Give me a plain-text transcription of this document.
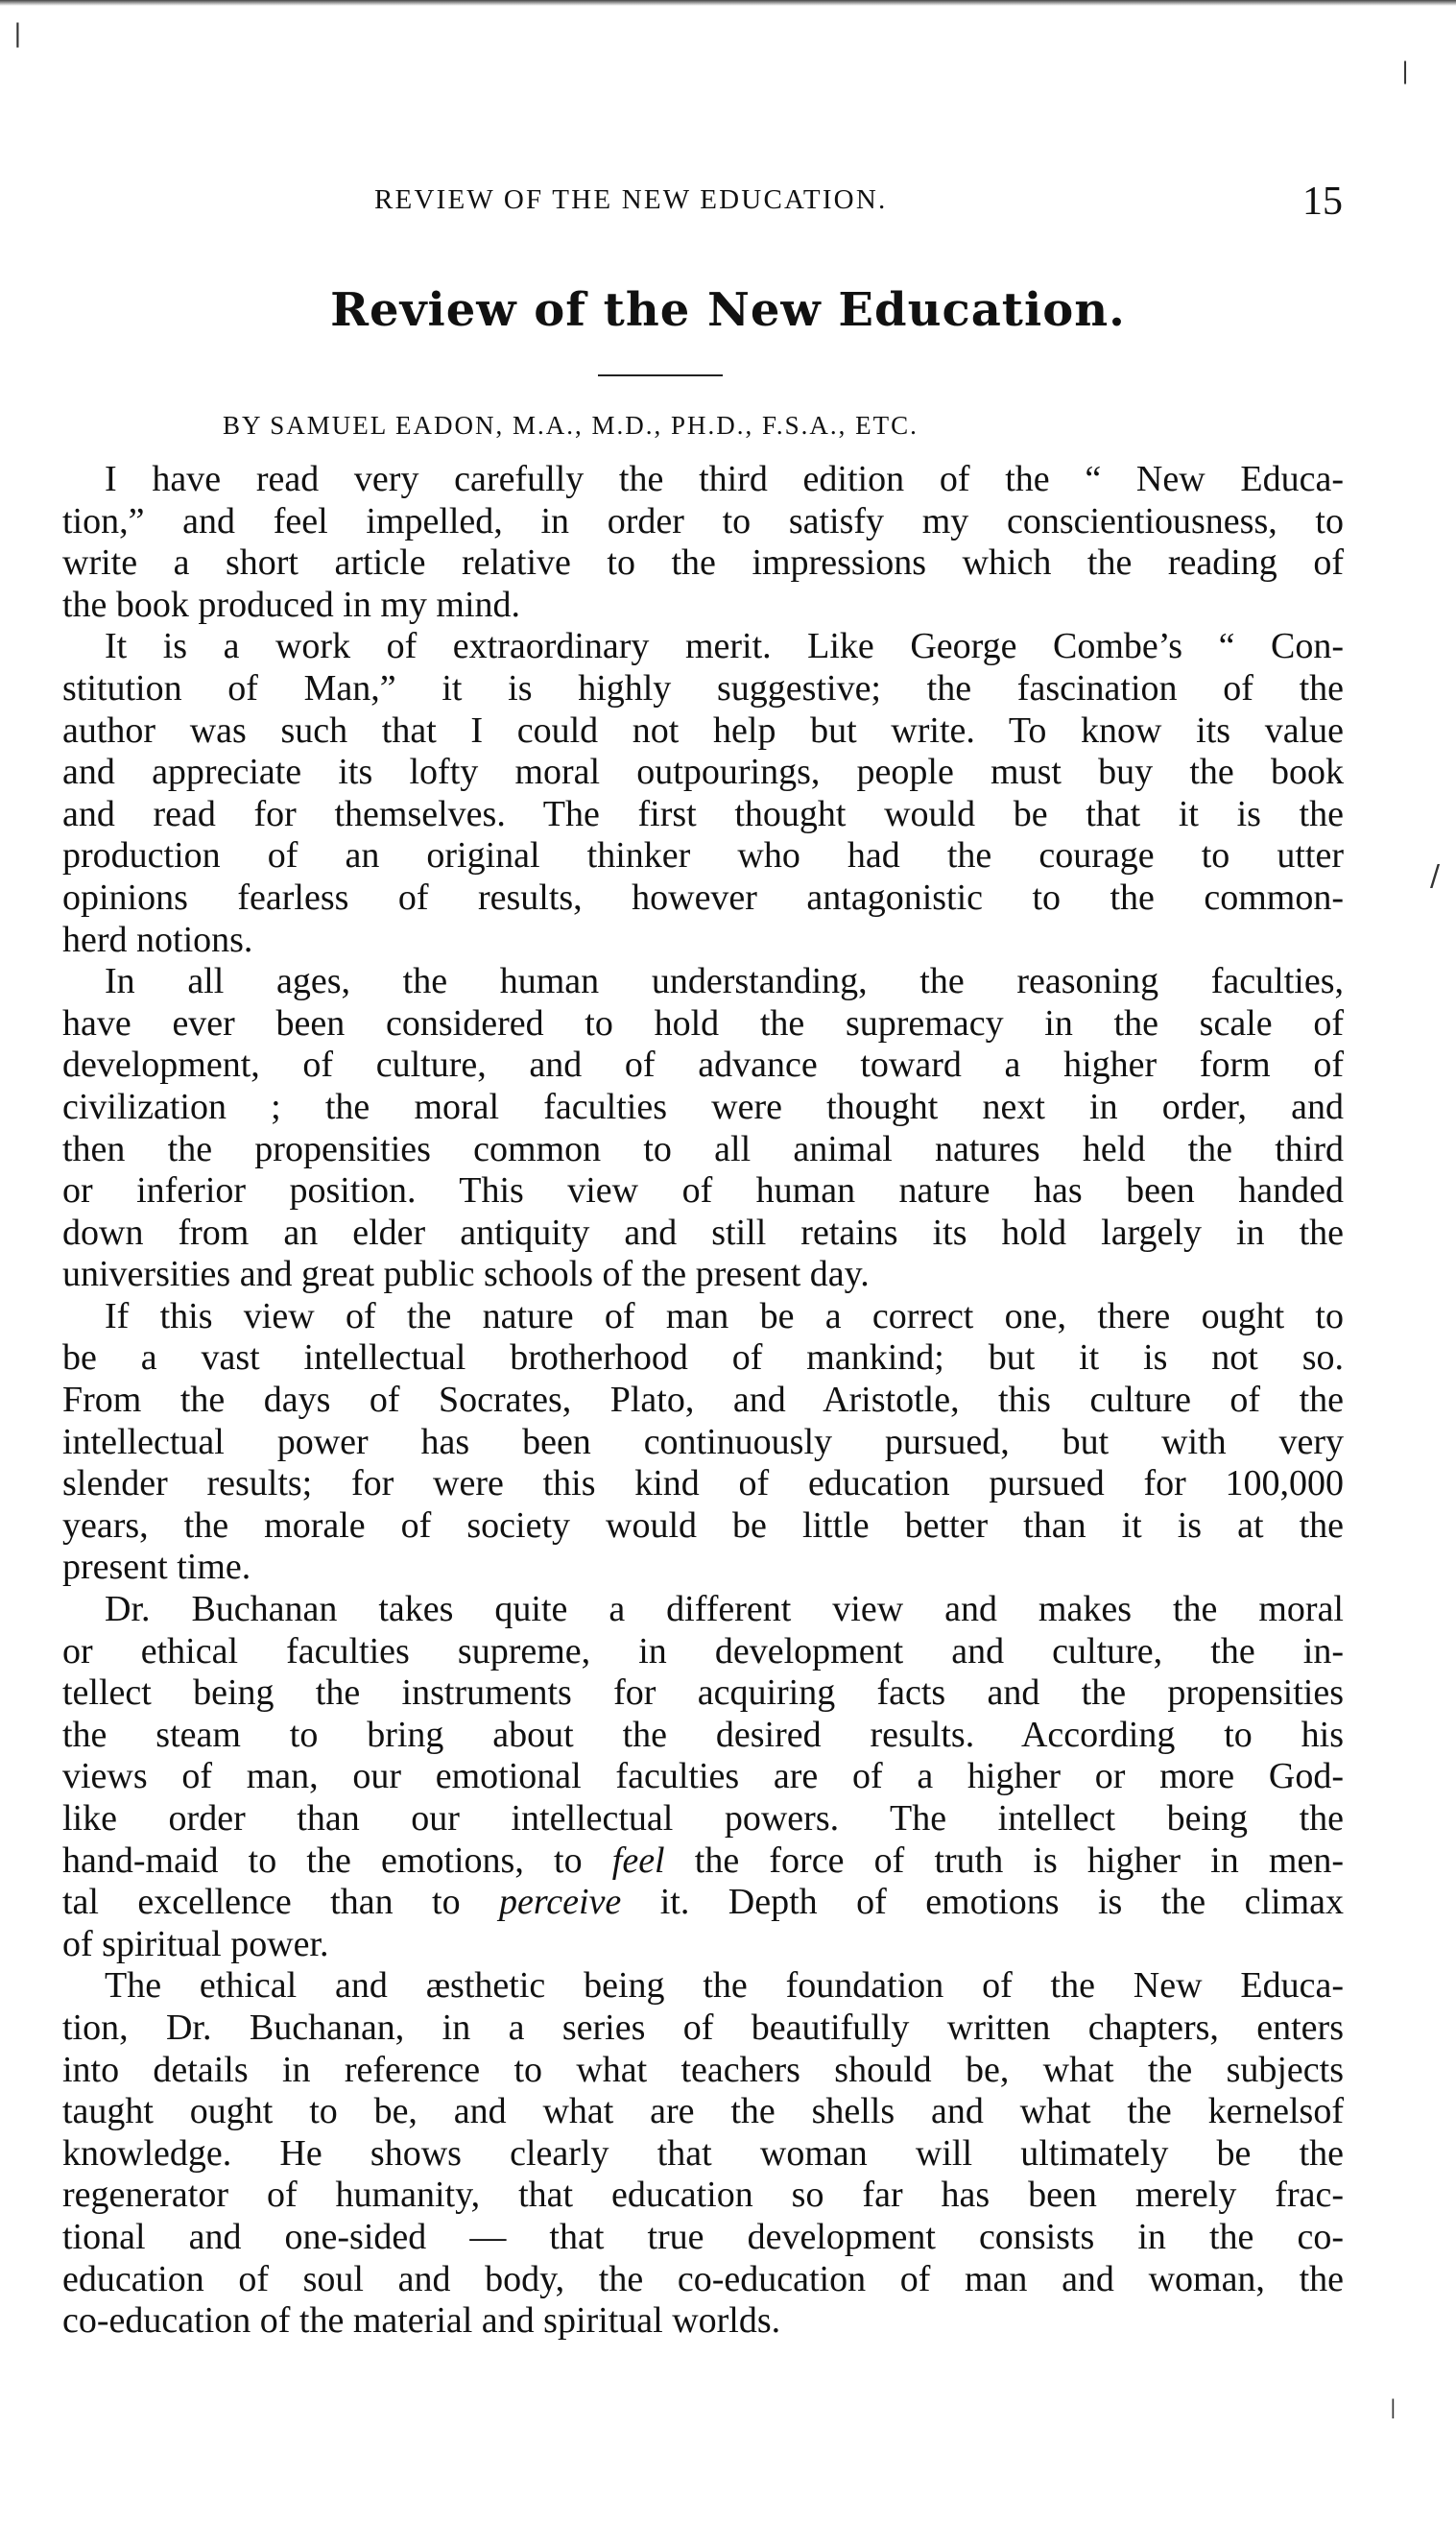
REVIEW OF THE NEW EDUCATION.	15
Review of the New Education.
BY SAMUEL EADON, M.A., M.D., PH.D., F.S.A., ETC.

I have read very carefully the third edition of the “ New Educa-
tion,” and feel impelled, in order to satisfy my conscientiousness, to
write a short article relative to the impressions which the reading of
the book produced in my mind.

It is a work of extraordinary merit. Like George Combe’s “ Con-
stitution of Man,” it is highly suggestive; the fascination of the
author was such that I could not help but write. To know its value
and appreciate its lofty moral outpourings, people must buy the book
and read for themselves. The first thought would be that it is the
production of an original thinker who had the courage to utter
opinions fearless of results, however antagonistic to the common-
herd notions.

In all ages, the human understanding, the reasoning faculties,
have ever been considered to hold the supremacy in the scale of
development, of culture, and of advance toward a higher form of
civilization ; the moral faculties were thought next in order, and
then the propensities common to all animal natures held the third
or inferior position. This view of human nature has been handed
down from an elder antiquity and still retains its hold largely in the
universities and great public schools of the present day.

If this view of the nature of man be a correct one, there ought to
be a vast intellectual brotherhood of mankind; but it is not so.
From the days of Socrates, Plato, and Aristotle, this culture of the
intellectual power has been continuously pursued, but with very
slender results; for were this kind of education pursued for 100,000
years, the morale of society would be little better than it is at the
present time.

Dr. Buchanan takes quite a different view and makes the moral
or ethical faculties supreme, in development and culture, the in-
tellect being the instruments for acquiring facts and the propensities
the steam to bring about the desired results. According to his
views of man, our emotional faculties are of a higher or more God-
like order than our intellectual powers. The intellect being the
hand-maid to the emotions, to feel the force of truth is higher in men-
tal excellence than to perceive it. Depth of emotions is the climax
of spiritual power.

The ethical and æsthetic being the foundation of the New Educa-
tion, Dr. Buchanan, in a series of beautifully written chapters, enters
into details in reference to what teachers should be, what the subjects
taught ought to be, and what are the shells and what the kernelsof
knowledge. He shows clearly that woman will ultimately be the
regenerator of humanity, that education so far has been merely frac-
tional and one-sided — that true development consists in the co-
education of soul and body, the co-education of man and woman, the
co-education of the material and spiritual worlds.

|
|
/
|
